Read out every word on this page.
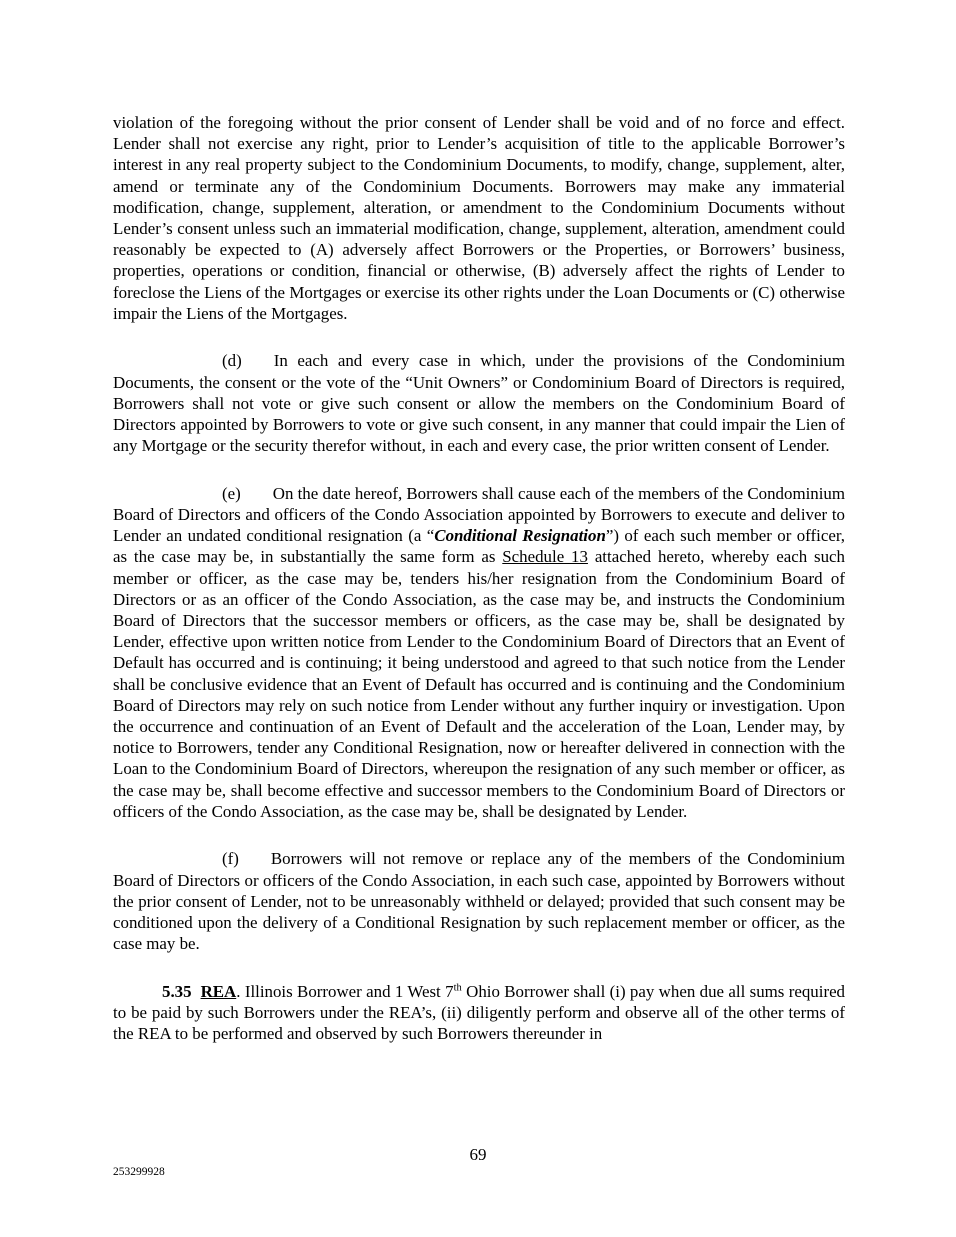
violation of the foregoing without the prior consent of Lender shall be void and of no force and effect. Lender shall not exercise any right, prior to Lender’s acquisition of title to the applicable Borrower’s interest in any real property subject to the Condominium Documents, to modify, change, supplement, alter, amend or terminate any of the Condominium Documents. Borrowers may make any immaterial modification, change, supplement, alteration, or amendment to the Condominium Documents without Lender’s consent unless such an immaterial modification, change, supplement, alteration, amendment could reasonably be expected to (A) adversely affect Borrowers or the Properties, or Borrowers’ business, properties, operations or condition, financial or otherwise, (B) adversely affect the rights of Lender to foreclose the Liens of the Mortgages or exercise its other rights under the Loan Documents or (C) otherwise impair the Liens of the Mortgages.

(d) In each and every case in which, under the provisions of the Condominium Documents, the consent or the vote of the “Unit Owners” or Condominium Board of Directors is required, Borrowers shall not vote or give such consent or allow the members on the Condominium Board of Directors appointed by Borrowers to vote or give such consent, in any manner that could impair the Lien of any Mortgage or the security therefor without, in each and every case, the prior written consent of Lender.

(e) On the date hereof, Borrowers shall cause each of the members of the Condominium Board of Directors and officers of the Condo Association appointed by Borrowers to execute and deliver to Lender an undated conditional resignation (a “Conditional Resignation”) of each such member or officer, as the case may be, in substantially the same form as Schedule 13 attached hereto, whereby each such member or officer, as the case may be, tenders his/her resignation from the Condominium Board of Directors or as an officer of the Condo Association, as the case may be, and instructs the Condominium Board of Directors that the successor members or officers, as the case may be, shall be designated by Lender, effective upon written notice from Lender to the Condominium Board of Directors that an Event of Default has occurred and is continuing; it being understood and agreed to that such notice from the Lender shall be conclusive evidence that an Event of Default has occurred and is continuing and the Condominium Board of Directors may rely on such notice from Lender without any further inquiry or investigation. Upon the occurrence and continuation of an Event of Default and the acceleration of the Loan, Lender may, by notice to Borrowers, tender any Conditional Resignation, now or hereafter delivered in connection with the Loan to the Condominium Board of Directors, whereupon the resignation of any such member or officer, as the case may be, shall become effective and successor members to the Condominium Board of Directors or officers of the Condo Association, as the case may be, shall be designated by Lender.

(f) Borrowers will not remove or replace any of the members of the Condominium Board of Directors or officers of the Condo Association, in each such case, appointed by Borrowers without the prior consent of Lender, not to be unreasonably withheld or delayed; provided that such consent may be conditioned upon the delivery of a Conditional Resignation by such replacement member or officer, as the case may be.

5.35 REA. Illinois Borrower and 1 West 7th Ohio Borrower shall (i) pay when due all sums required to be paid by such Borrowers under the REA’s, (ii) diligently perform and observe all of the other terms of the REA to be performed and observed by such Borrowers thereunder in

69
253299928
